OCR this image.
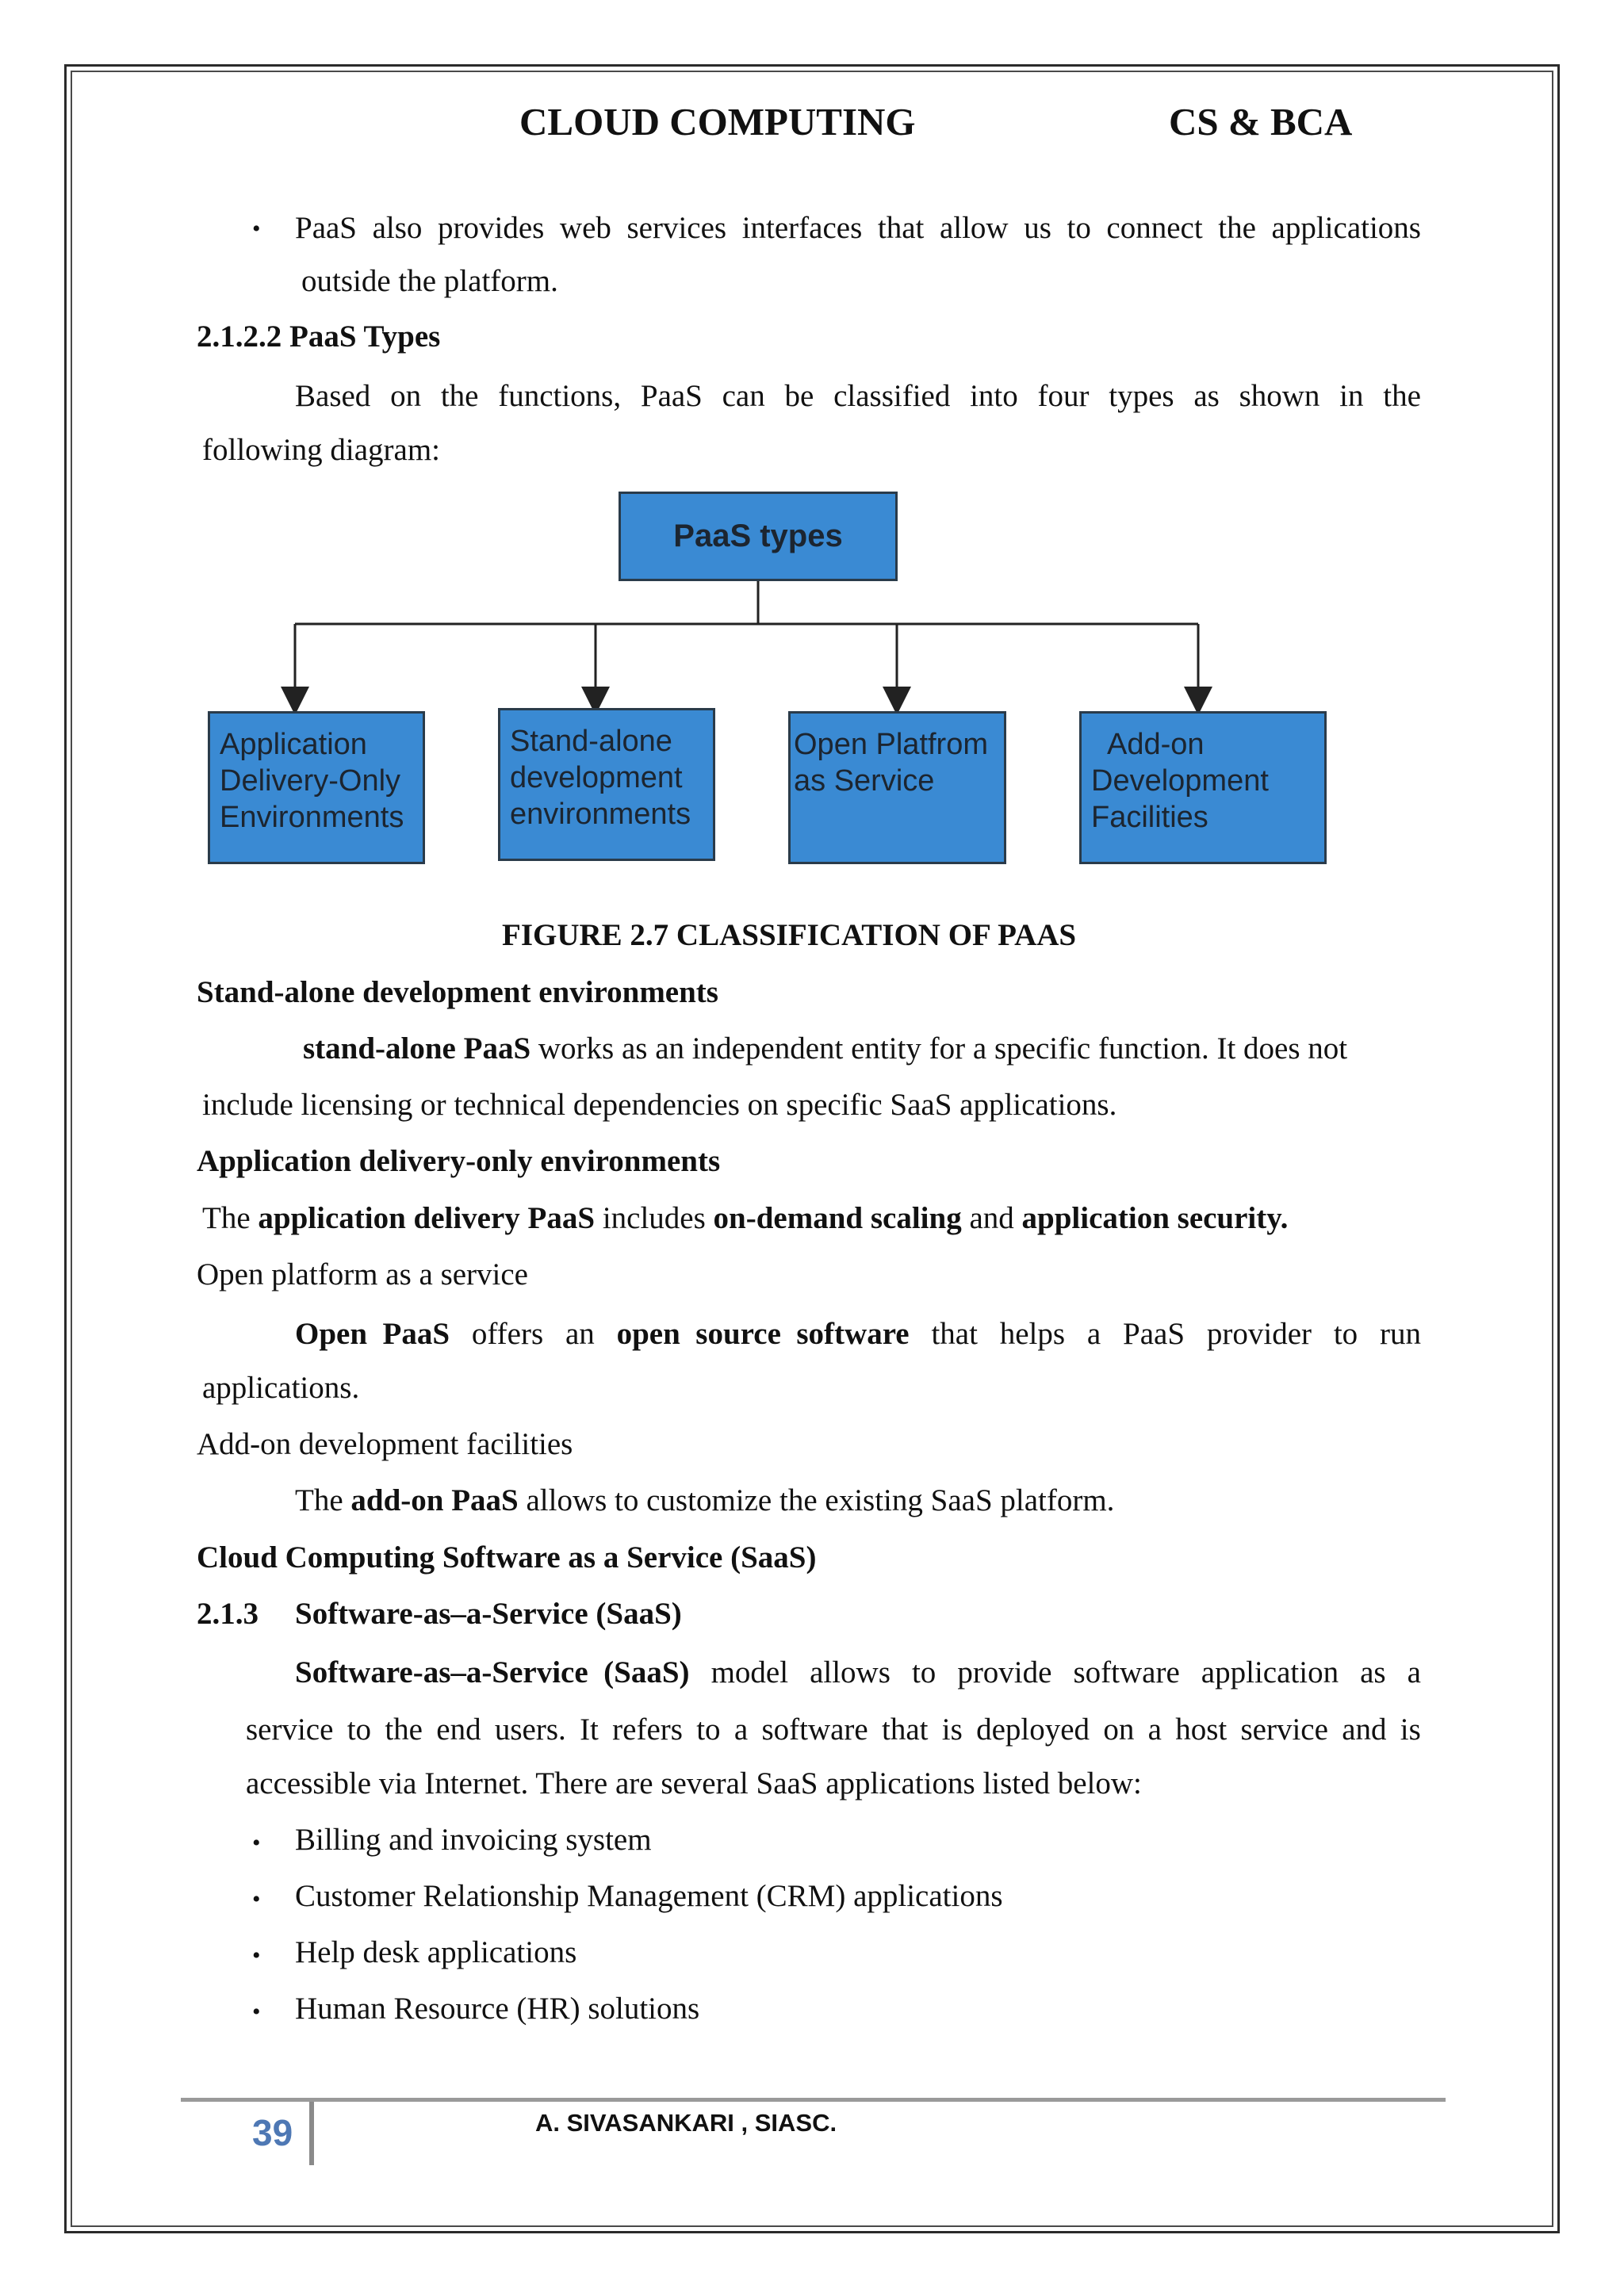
CLOUD COMPUTING	CS & BCA
• PaaS also provides web services interfaces that allow us to connect the applications
outside the platform.
2.1.2.2 PaaS Types
Based on the functions, PaaS can be classified into four types as shown in the
following diagram:
PaaS types
Application
Delivery-Only
Environments
Stand-alone
development
environments
Open Platfrom
as Service
Add-on
Development
Facilities
FIGURE 2.7 CLASSIFICATION OF PAAS
Stand-alone development environments
stand-alone PaaS works as an independent entity for a specific function. It does not
include licensing or technical dependencies on specific SaaS applications.
Application delivery-only environments
The application delivery PaaS includes on-demand scaling and application security.
Open platform as a service
Open  PaaS offers an open  source  software that helps a PaaS provider to run
applications.
Add-on development facilities
The add-on PaaS allows to customize the existing SaaS platform.
Cloud Computing Software as a Service (SaaS)
2.1.3 Software-as–a-Service (SaaS)
Software-as–a-Service  (SaaS) model allows to provide software application as a
service to the end users. It refers to a software that is deployed on a host service and is
accessible via Internet. There are several SaaS applications listed below:
• Billing and invoicing system
• Customer Relationship Management (CRM) applications
• Help desk applications
• Human Resource (HR) solutions
39	A. SIVASANKARI , SIASC.
